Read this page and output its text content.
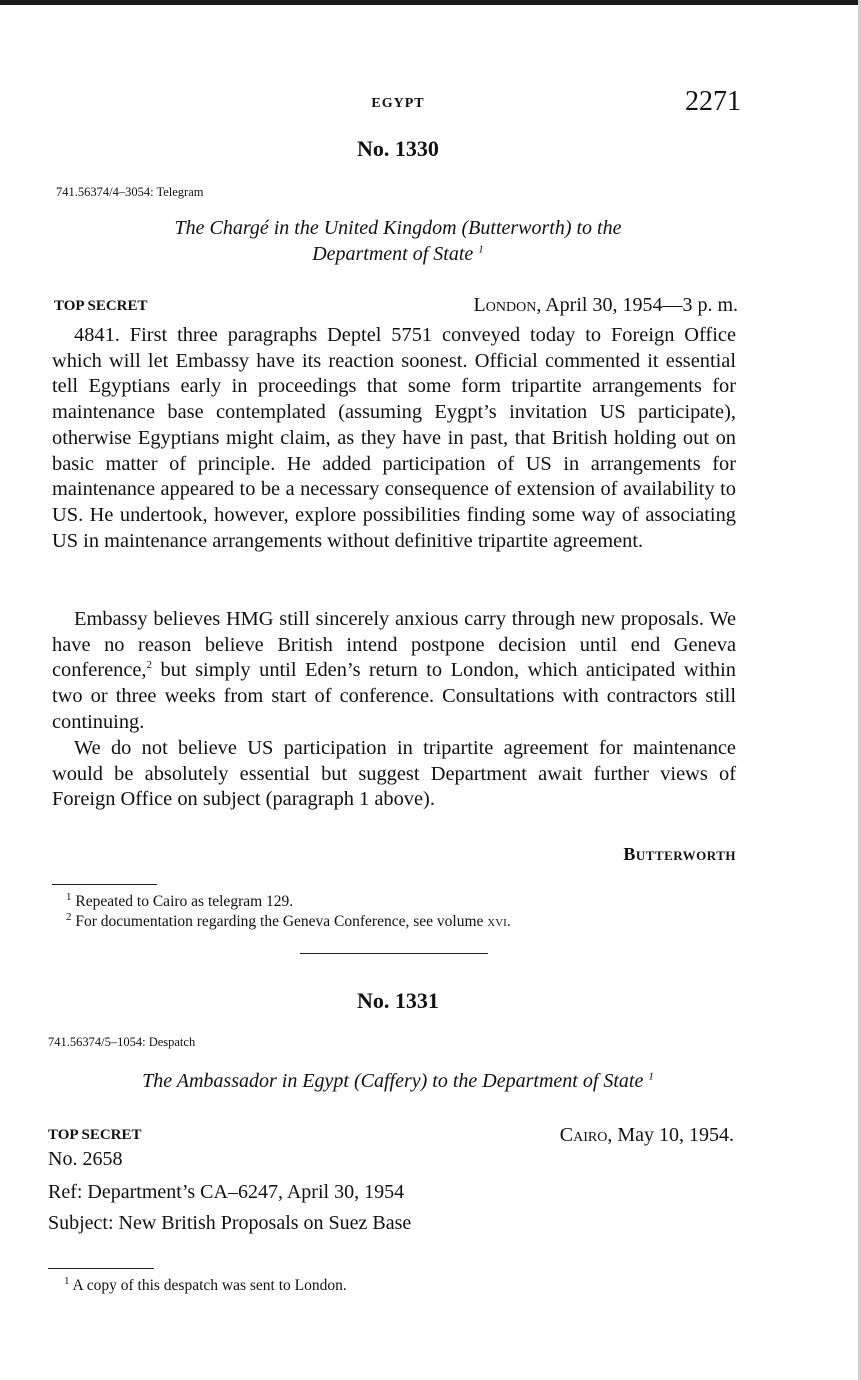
EGYPT	2271
No. 1330
741.56374/4–3054: Telegram
The Chargé in the United Kingdom (Butterworth) to the
Department of State $^1$
TOP SECRET	London, April 30, 1954—3 p. m.
4841. First three paragraphs Deptel 5751 conveyed today to Foreign Office which will let Embassy have its reaction soonest. Official commented it essential tell Egyptians early in proceedings that some form tripartite arrangements for maintenance base contemplated (assuming Eygpt’s invitation US participate), otherwise Egyptians might claim, as they have in past, that British holding out on basic matter of principle. He added participation of US in arrangements for maintenance appeared to be a necessary consequence of extension of availability to US. He undertook, however, explore possibilities finding some way of associating US in maintenance arrangements without definitive tripartite agreement.
Embassy believes HMG still sincerely anxious carry through new proposals. We have no reason believe British intend postpone decision until end Geneva conference,$^2$ but simply until Eden’s return to London, which anticipated within two or three weeks from start of conference. Consultations with contractors still continuing.
We do not believe US participation in tripartite agreement for maintenance would be absolutely essential but suggest Department await further views of Foreign Office on subject (paragraph 1 above).
Butterworth
$^1$ Repeated to Cairo as telegram 129.
$^2$ For documentation regarding the Geneva Conference, see volume xvi.
No. 1331
741.56374/5–1054: Despatch
The Ambassador in Egypt (Caffery) to the Department of State $^1$
TOP SECRET	Cairo, May 10, 1954.
No. 2658
Ref: Department’s CA–6247, April 30, 1954
Subject: New British Proposals on Suez Base
$^1$ A copy of this despatch was sent to London.
